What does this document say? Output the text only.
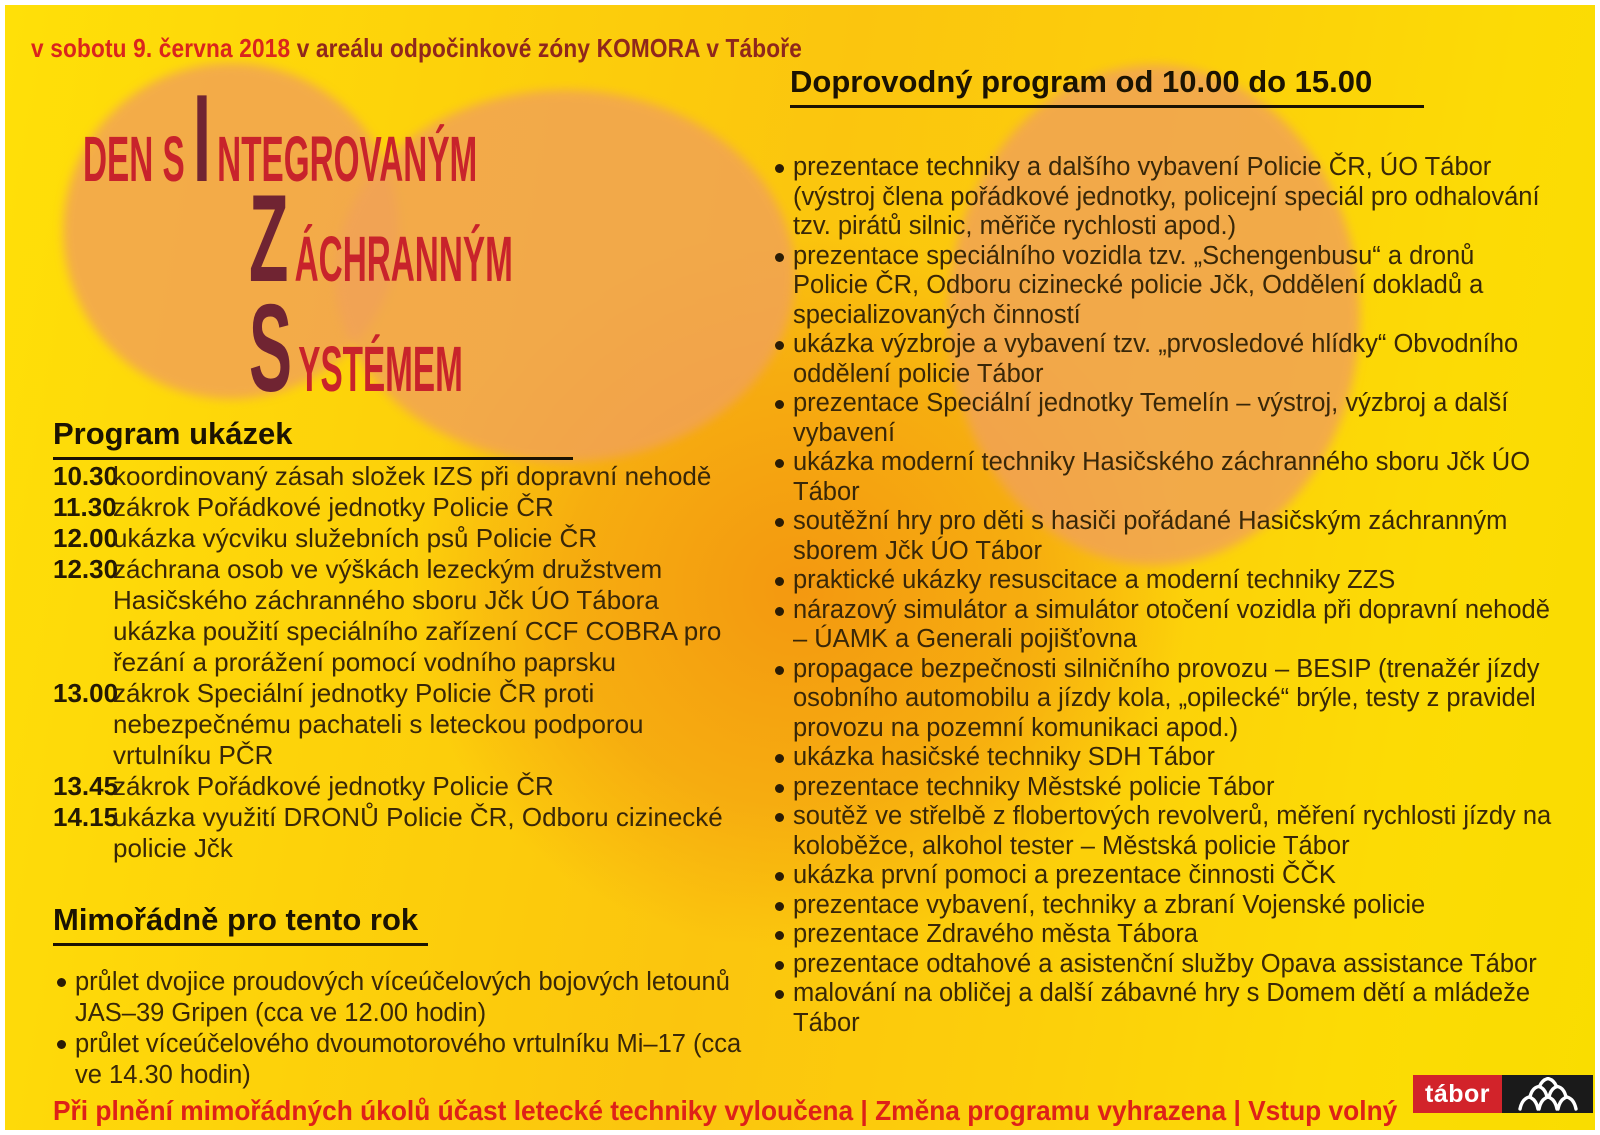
v sobotu 9. června 2018 v areálu odpočinkové zóny KOMORA v Táboře
DEN S I NTEGROVANÝM
Z ÁCHRANNÝM
S YSTÉMEM
Program ukázek
10.30
koordinovaný zásah složek IZS při dopravní nehodě
11.30
zákrok Pořádkové jednotky Policie ČR
12.00
ukázka výcviku služebních psů Policie ČR
12.30
záchrana osob ve výškách lezeckým družstvem Hasičského záchranného sboru Jčk ÚO Tábora ukázka použití speciálního zařízení CCF COBRA pro řezání a prorážení pomocí vodního paprsku
13.00
zákrok Speciální jednotky Policie ČR proti nebezpečnému pachateli s leteckou podporou vrtulníku PČR
13.45
zákrok Pořádkové jednotky Policie ČR
14.15
ukázka využití DRONŮ Policie ČR, Odboru cizinecké policie Jčk
Mimořádně pro tento rok
průlet dvojice proudových víceúčelových bojových letounů JAS–39 Gripen (cca ve 12.00 hodin)
průlet víceúčelového dvoumotorového vrtulníku Mi–17 (cca ve 14.30 hodin)
Doprovodný program od 10.00 do 15.00
prezentace techniky a dalšího vybavení Policie ČR, ÚO Tábor (výstroj člena pořádkové jednotky, policejní speciál pro odhalování tzv. pirátů silnic, měřiče rychlosti apod.)
prezentace speciálního vozidla tzv. „Schengenbusu“ a dronů Policie ČR, Odboru cizinecké policie Jčk, Oddělení dokladů a specializovaných činností
ukázka výzbroje a vybavení tzv. „prvosledové hlídky“ Obvodního oddělení policie Tábor
prezentace Speciální jednotky Temelín – výstroj, výzbroj a další vybavení
ukázka moderní techniky Hasičského záchranného sboru Jčk ÚO Tábor
soutěžní hry pro děti s hasiči pořádané Hasičským záchranným sborem Jčk ÚO Tábor
praktické ukázky resuscitace a moderní techniky ZZS
nárazový simulátor a simulátor otočení vozidla při dopravní nehodě – ÚAMK a Generali pojišťovna
propagace bezpečnosti silničního provozu – BESIP (trenažér jízdy osobního automobilu a jízdy kola, „opilecké“ brýle, testy z pravidel provozu na pozemní komunikaci apod.)
ukázka hasičské techniky SDH Tábor
prezentace techniky Městské policie Tábor
soutěž ve střelbě z flobertových revolverů, měření rychlosti jízdy na koloběžce, alkohol tester – Městská policie Tábor
ukázka první pomoci a prezentace činnosti ČČK
prezentace vybavení, techniky a zbraní Vojenské policie
prezentace Zdravého města Tábora
prezentace odtahové a asistenční služby Opava assistance Tábor
malování na obličej a další zábavné hry s Domem dětí a mládeže Tábor
Při plnění mimořádných úkolů účast letecké techniky vyloučena | Změna programu vyhrazena | Vstup volný
tábor
